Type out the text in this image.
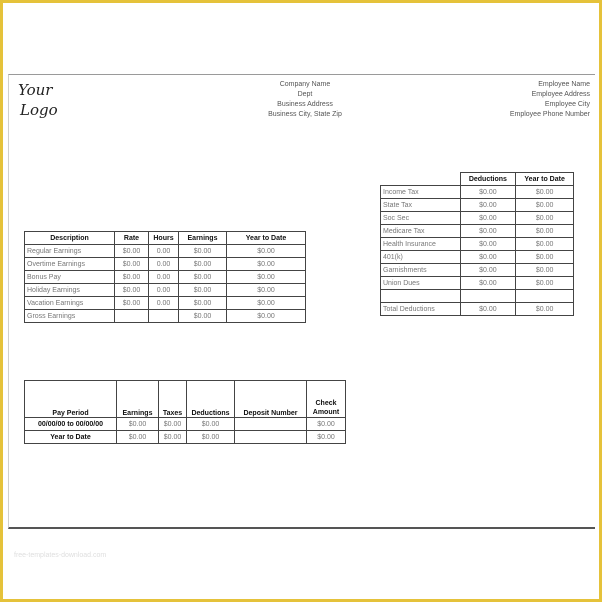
Your
Logo
Company Name
Dept
Business Address
Business City, State Zip
Employee Name
Employee Address
Employee City
Employee Phone Number
Description	Rate	Hours	Earnings	Year to Date
Regular Earnings	$0.00	0.00	$0.00	$0.00
Overtime Earnings	$0.00	0.00	$0.00	$0.00
Bonus Pay	$0.00	0.00	$0.00	$0.00
Holiday Earnings	$0.00	0.00	$0.00	$0.00
Vacation Earnings	$0.00	0.00	$0.00	$0.00
Gross Earnings			$0.00	$0.00
	Deductions	Year to Date
Income Tax	$0.00	$0.00
State Tax	$0.00	$0.00
Soc Sec	$0.00	$0.00
Medicare Tax	$0.00	$0.00
Health Insurance	$0.00	$0.00
401(k)	$0.00	$0.00
Garnishments	$0.00	$0.00
Union Dues	$0.00	$0.00

Total Deductions	$0.00	$0.00
Pay Period	Earnings	Taxes	Deductions	Deposit Number	Check Amount
00/00/00 to 00/00/00	$0.00	$0.00	$0.00		$0.00
Year to Date	$0.00	$0.00	$0.00		$0.00
free-templates-download.com
